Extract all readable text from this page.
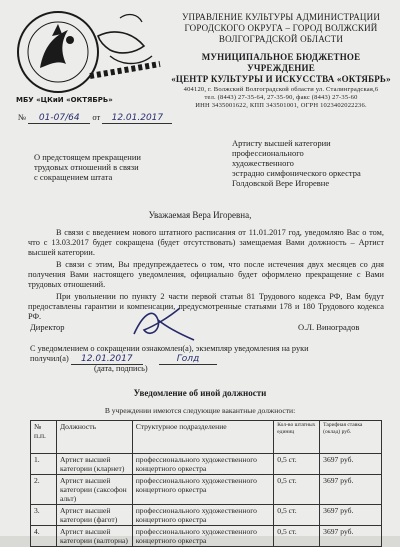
МБУ «ЦКиИ «ОКТЯБРЬ»
УПРАВЛЕНИЕ КУЛЬТУРЫ АДМИНИСТРАЦИИ
ГОРОДСКОГО ОКРУГА – ГОРОД ВОЛЖСКИЙ
ВОЛГОГРАДСКОЙ ОБЛАСТИ
МУНИЦИПАЛЬНОЕ БЮДЖЕТНОЕ УЧРЕЖДЕНИЕ
«ЦЕНТР КУЛЬТУРЫ И ИСКУССТВА «ОКТЯБРЬ»
404120, г. Волжский Волгоградской области ул. Сталинградская,6
тел. (8443) 27-35-64, 27-35-90, факс (8443) 27-35-60
ИНН 3435001622, КПП 343501001, ОГРН 1023402022236.
№ 01-07/64 от 12.01.2017
Артисту высшей категории
профессионального
художественного
эстрадно симфонического оркестра
Голдовской Вере Игоревне
О предстоящем прекращении
трудовых отношений в связи
с сокращением штата
Уважаемая Вера Игоревна,
В связи с введением нового штатного расписания от 11.01.2017 год, уведомляю Вас о том, что с 13.03.2017 будет сокращена (будет отсутствовать) замещаемая Вами должность – Артист высшей категории.
В связи с этим, Вы предупреждаетесь о том, что после истечения двух месяцев со дня получения Вами настоящего уведомления, официально будет оформлено прекращение с Вами трудовых отношений.
При увольнении по пункту 2 части первой статьи 81 Трудового кодекса РФ, Вам будут предоставлены гарантии и компенсации, предусмотренные статьями 178 и 180 Трудового кодекса РФ.
Директор	О.Л. Виноградов
С уведомлением о сокращении ознакомлен(а), экземпляр уведомления на руки
получил(а) 12.01.2017	Голд
(дата, подпись)
Уведомление об иной должности
В учреждении имеются следующие вакантные должности:
№ п.п.	Должность	Структурное подразделение	Кол-во штатных единиц	Тарифная ставка (оклад) руб.
1.	Артист высшей категории (кларнет)	профессионального художественного концертного оркестра	0,5 ст.	3697 руб.
2.	Артист высшей категории (саксофон альт)	профессионального художественного концертного оркестра	0,5 ст.	3697 руб.
3.	Артист высшей категории (фагот)	профессионального художественного концертного оркестра	0,5 ст.	3697 руб.
4.	Артист высшей категории (валторна)	профессионального художественного концертного оркестра	0,5 ст.	3697 руб.
